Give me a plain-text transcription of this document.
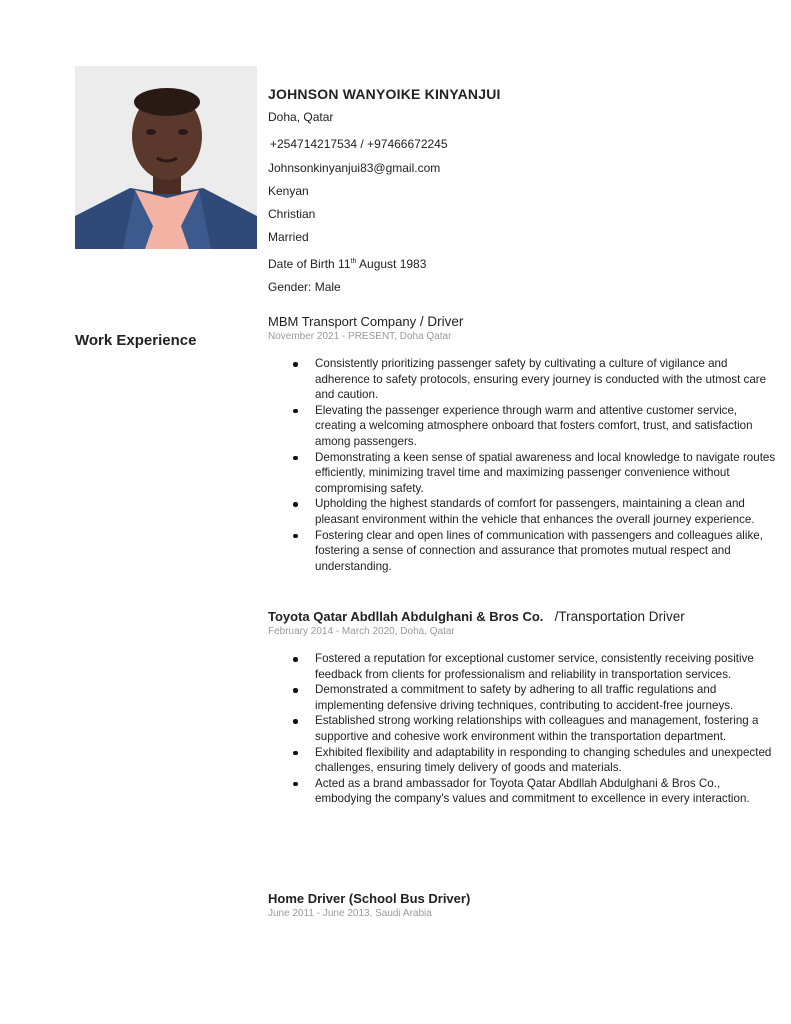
JOHNSON WANYOIKE KINYANJUI
Doha, Qatar
+254714217534 / +97466672245
Johnsonkinyanjui83@gmail.com
Kenyan
Christian
Married
Date of Birth 11th August 1983
Gender: Male
Work Experience
MBM Transport Company / Driver
November 2021 - PRESENT, Doha Qatar
Consistently prioritizing passenger safety by cultivating a culture of vigilance and adherence to safety protocols, ensuring every journey is conducted with the utmost care and caution.
Elevating the passenger experience through warm and attentive customer service, creating a welcoming atmosphere onboard that fosters comfort, trust, and satisfaction among passengers.
Demonstrating a keen sense of spatial awareness and local knowledge to navigate routes efficiently, minimizing travel time and maximizing passenger convenience without compromising safety.
Upholding the highest standards of comfort for passengers, maintaining a clean and pleasant environment within the vehicle that enhances the overall journey experience.
Fostering clear and open lines of communication with passengers and colleagues alike, fostering a sense of connection and assurance that promotes mutual respect and understanding.
Toyota Qatar Abdllah Abdulghani & Bros Co.   /Transportation Driver
February 2014 - March 2020, Doha, Qatar
Fostered a reputation for exceptional customer service, consistently receiving positive feedback from clients for professionalism and reliability in transportation services.
Demonstrated a commitment to safety by adhering to all traffic regulations and implementing defensive driving techniques, contributing to accident-free journeys.
Established strong working relationships with colleagues and management, fostering a supportive and cohesive work environment within the transportation department.
Exhibited flexibility and adaptability in responding to changing schedules and unexpected challenges, ensuring timely delivery of goods and materials.
Acted as a brand ambassador for Toyota Qatar Abdllah Abdulghani & Bros Co., embodying the company's values and commitment to excellence in every interaction.
Home Driver (School Bus Driver)
June 2011 - June 2013, Saudi Arabia
